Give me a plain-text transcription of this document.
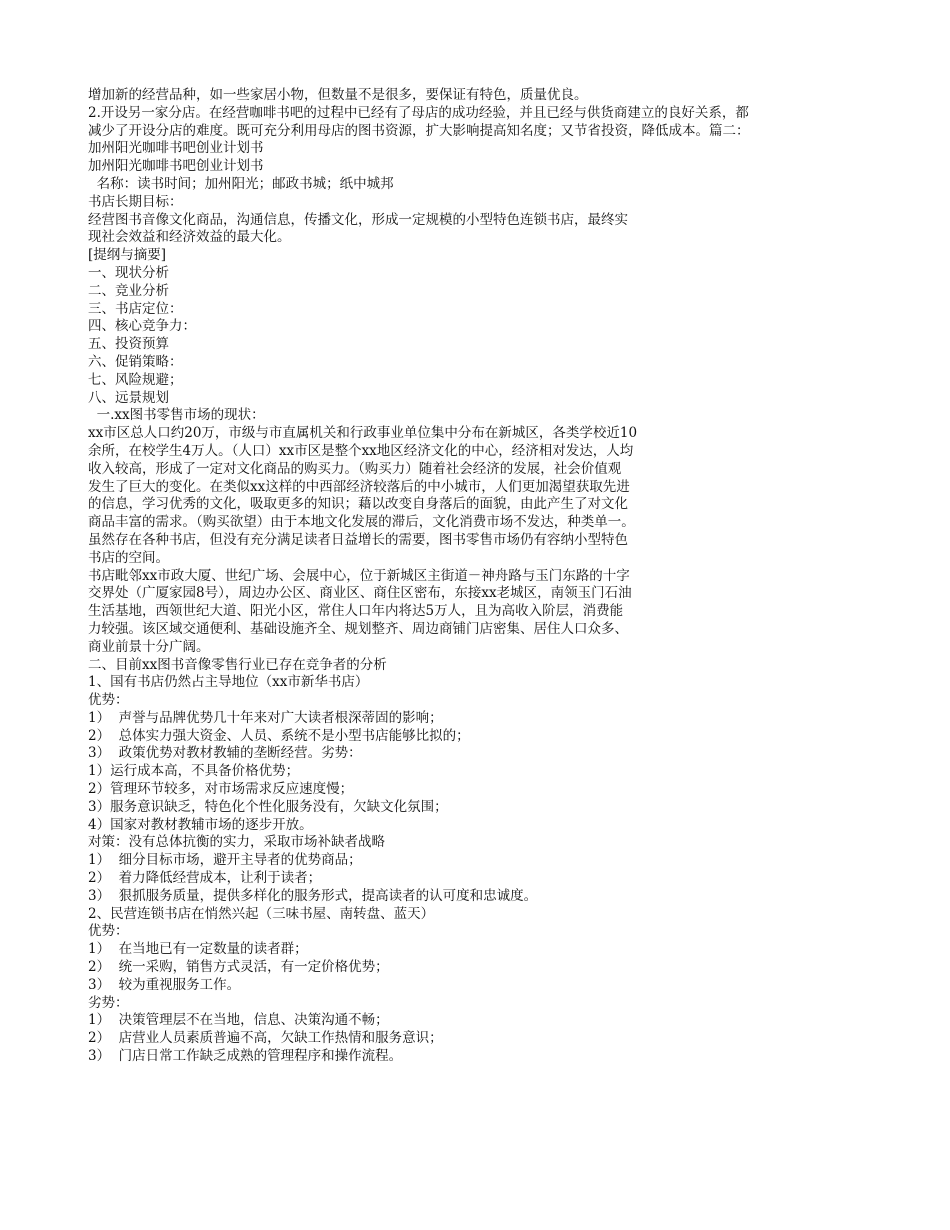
增加新的经营品种，如一些家居小物，但数量不是很多，要保证有特色，质量优良。
2.开设另一家分店。在经营咖啡书吧的过程中已经有了母店的成功经验，并且已经与供货商建立的良好关系，都
减少了开设分店的难度。既可充分利用母店的图书资源，扩大影响提高知名度；又节省投资，降低成本。篇二：
加州阳光咖啡书吧创业计划书
加州阳光咖啡书吧创业计划书
名称：读书时间；加州阳光；邮政书城；纸中城邦
书店长期目标：
经营图书音像文化商品，沟通信息，传播文化，形成一定规模的小型特色连锁书店，最终实
现社会效益和经济效益的最大化。
[提纲与摘要]
一、现状分析
二、竞业分析
三、书店定位：
四、核心竞争力：
五、投资预算
六、促销策略：
七、风险规避；
八、远景规划
一.xx图书零售市场的现状：
xx市区总人口约20万，市级与市直属机关和行政事业单位集中分布在新城区，各类学校近10
余所，在校学生4万人。（人口）xx市区是整个xx地区经济文化的中心，经济相对发达，人均
收入较高，形成了一定对文化商品的购买力。（购买力）随着社会经济的发展，社会价值观
发生了巨大的变化。在类似xx这样的中西部经济较落后的中小城市，人们更加渴望获取先进
的信息，学习优秀的文化，吸取更多的知识；藉以改变自身落后的面貌，由此产生了对文化
商品丰富的需求。（购买欲望）由于本地文化发展的滞后，文化消费市场不发达，种类单一。
虽然存在各种书店，但没有充分满足读者日益增长的需要，图书零售市场仍有容纳小型特色
书店的空间。
书店毗邻xx市政大厦、世纪广场、会展中心，位于新城区主街道－神舟路与玉门东路的十字
交界处（广厦家园8号），周边办公区、商业区、商住区密布，东接xx老城区，南领玉门石油
生活基地，西领世纪大道、阳光小区，常住人口年内将达5万人，且为高收入阶层，消费能
力较强。该区域交通便利、基础设施齐全、规划整齐、周边商铺门店密集、居住人口众多、
商业前景十分广阔。
二、目前xx图书音像零售行业已存在竞争者的分析
1、国有书店仍然占主导地位（xx市新华书店）
优势：
1）  声誉与品牌优势几十年来对广大读者根深蒂固的影响；
2）  总体实力强大资金、人员、系统不是小型书店能够比拟的；
3）  政策优势对教材教辅的垄断经营。劣势：
1）运行成本高，不具备价格优势；
2）管理环节较多，对市场需求反应速度慢；
3）服务意识缺乏，特色化个性化服务没有，欠缺文化氛围；
4）国家对教材教辅市场的逐步开放。
对策：没有总体抗衡的实力，采取市场补缺者战略
1）  细分目标市场，避开主导者的优势商品；
2）  着力降低经营成本，让利于读者；
3）  狠抓服务质量，提供多样化的服务形式，提高读者的认可度和忠诚度。
2、民营连锁书店在悄然兴起（三味书屋、南转盘、蓝天）
优势：
1）  在当地已有一定数量的读者群；
2）  统一采购，销售方式灵活，有一定价格优势；
3）  较为重视服务工作。
劣势：
1）  决策管理层不在当地，信息、决策沟通不畅；
2）  店营业人员素质普遍不高，欠缺工作热情和服务意识；
3）  门店日常工作缺乏成熟的管理程序和操作流程。
